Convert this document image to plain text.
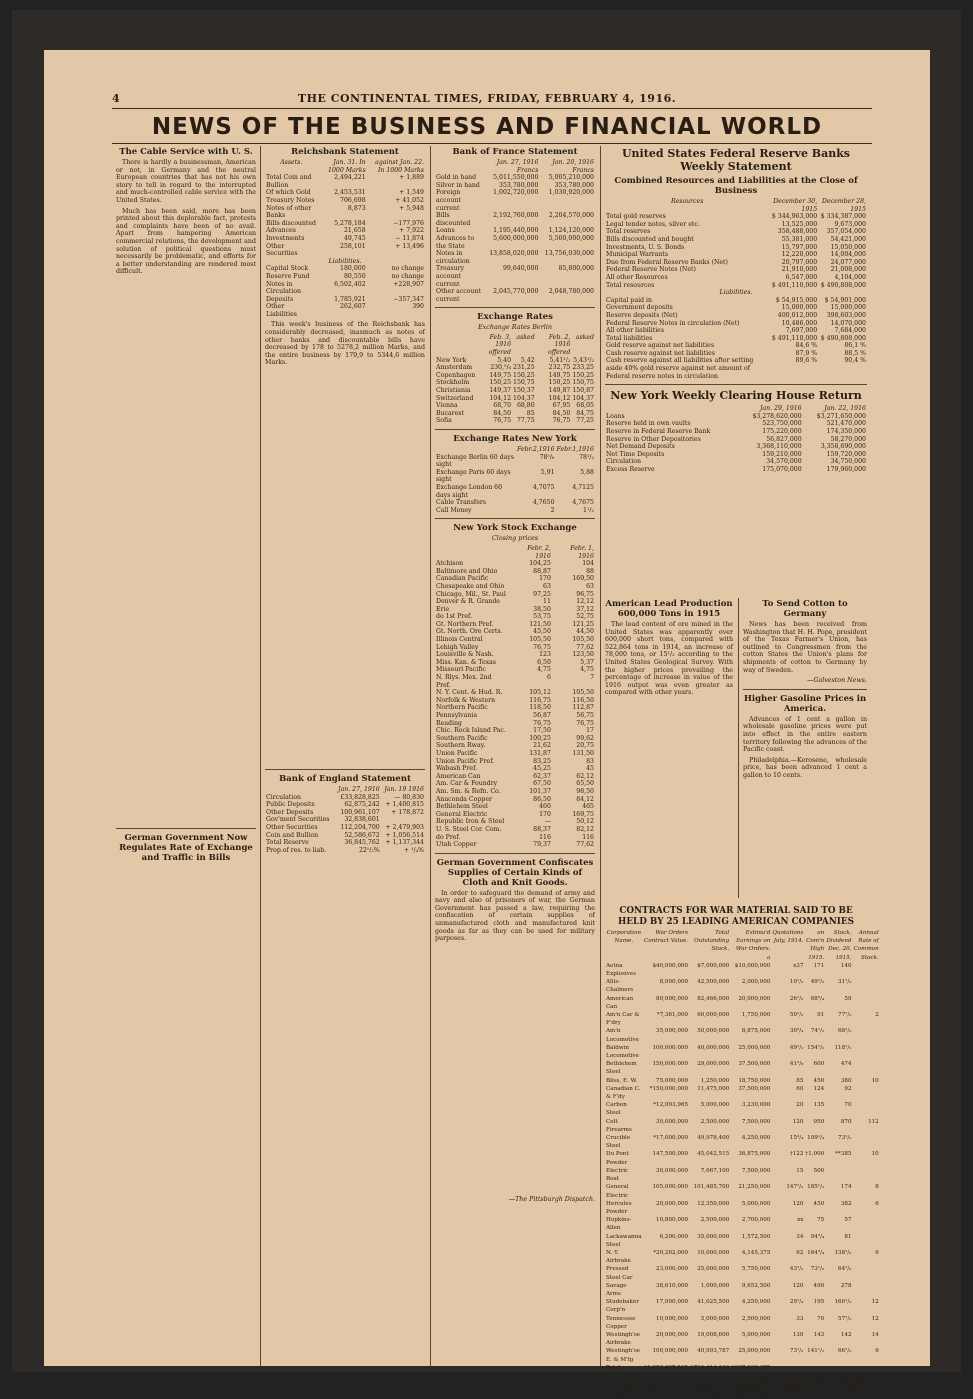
4	THE CONTINENTAL TIMES, FRIDAY, FEBRUARY 4, 1916.
NEWS OF THE BUSINESS AND FINANCIAL WORLD
The Cable Service with U. S.

There is hardly a businessman, American or not, in Germany and the neutral European countries that has not his own story to tell in regard to the interrupted and much-controlled cable service with the United States.

Much has been said, more has been printed about this deplorable fact, protests and complaints have been of no avail. Apart from hampering American commercial relations, the development and solution of political questions must necessarily be problematic, and efforts for a better understanding are rendered most difficult.

German Government Now Regulates Rate of Exchange and Traffic in Bills
Reichsbank Statement
Assets.	Jan. 31. In 1000 Marks	against Jan. 22. In 1000 Marks
Total Coin and Bullion	2,494,221	+ 1,889
Of which Gold	2,453,531	+ 1,549
Treasury Notes	706,698	+ 41,052
Notes of other Banks	8,873	+ 5,948
Bills discounted	5,278,184	−177,976
Advances	21,658	+ 7,922
Investments	49,745	− 11,874
Other Securities	258,101	+ 13,496
Liabilities.		
Capital Stock	180,000	no change
Reserve Fund	80,550	no change
Notes in Circulation	6,502,402	+228,907
Deposits	1,785,921	−357,347
Other Liabilities	262,607	390

This week's business of the Reichsbank has considerably decreased, inasmuch as notes of other banks and discountable bills have decreased by 178 to 5278,2 million Marks, and the entire business by 179,9 to 5344,6 million Marks.

Bank of England Statement
	Jan. 27, 1916	Jan. 19 1916
Circulation	£33,828,825	— 80,830
Public Deposits	62,875,242	+ 1,400,815
Other Deposits	100,961,107	+ 178,872
Gov'ment Securities	32,838,601	
Other Securities	112,204,700	+ 2,479,903
Coin and Bullion	52,586,672	+ 1,056,514
Total Reserve	36,845,762	+ 1,137,344
Prop.of res. to liab.	22¹/₂%	+ ¹/₄%
Bank of France Statement
	Jan. 27, 1916 Francs	Jan. 20, 1916 Francs
Gold in hand	5,011,550,000	5,005,210,000
Silver in hand	353,780,000	353,780,000
Foreign account current	1,002,720,000	1,030,920,000
Bills discounted	2,192,760,000	2,204,570,000
Loans	1,195,440,000	1,124,120,000
Advances to the State	5,600,000,000	5,500,000,000
Notes in circulation	13,858,020,000	13,756,030,000
Treasury account current	99,640,000	85,800,000
Other account current	2,045,770,000	2,048,780,000
Exchange Rates
Exchange Rates Berlin
	Feb. 3, 1916 offered	asked	Feb. 2, 1916 offered	asked
New York	5,40	5,42	5,41¹/₂	5,43¹/₂
Amsterdam	230,⁵/₈	231,25	232,75	233,25
Copenhagen	149,75	150,25	149,75	150,25
Stockholm	150,25	150,75	150,25	150,75
Christiania	149,37	150,37	149,87	150,87
Switzerland	104,12	104,37	104,12	104,37
Vienna	68,70	68,80	67,95	68,05
Bucarest	84,50	85	84,50	84,75
Sofia	76,75	77,75	76,75	77,25
Exchange Rates New York
	Febr.2,1916	Febr.1,1916
Exchange Berlin 60 days sight	78⁵/₈	78¹/₂
Exchange Paris 60 days sight	5,91	5,88
Exchange London 60 days sight	4,7075	4,7125
Cable Transfers	4,7650	4,7675
Call Money	2	1¹/₂
New York Stock Exchange
Closing prices
	Febr. 2, 1916	Febr. 1, 1916
Atchison	104,25	104
Baltimore and Ohio	88,87	88
Canadian Pacific	170	169,50
Chesapeake and Ohio	63	63
Chicago, Mil., St. Paul	97,25	96,75
Denver & R. Grande	11	12,12
Erie	38,50	37,12
do 1st Pref.	53,75	52,75
Gt. Northern Pref.	121,50	121,25
Gt. North. Ore Certs.	45,50	44,50
Illinois Central	105,50	105,50
Lehigh Valley	76,75	77,62
Louisville & Nash.	123	123,50
Miss. Kan. & Texas	6,50	5,37
Missouri Pacific	4,75	4,75
N. Rlys. Mex. 2nd Pref.	6	7
N. Y. Cent. & Hud. R.	105,12	105,50
Norfolk & Western	116,75	116,50
Northern Pacific	118,50	112,87
Pennsylvania	56,87	56,75
Reading	76,75	76,75
Chic. Rock Island Pac.	17,50	17
Southern Pacific	100,25	99,62
Southern Rway.	21,62	20,75
Union Pacific	131,87	131,50
Union Pacific Pref.	83,25	83
Wabash Pref.	45,25	45
American Can	62,37	62,12
Am. Car & Foundry	67,50	65,50
Am. Sm. & Refn. Co.	101,37	98,50
Anaconda Copper	86,50	84,12
Bethlehem Steel	460	465
General Electric	170	169,75
Republic Iron & Steel	—	50,12
U. S. Steel Cor. Com.	88,37	82,12
do Pref.	116	116
Utah Copper	79,37	77,62
German Government Confiscates Supplies of Certain Kinds of Cloth and Knit Goods.

In order to safeguard the demand of army and navy and also of prisoners of war, the German Government has passed a law, requiring the confiscation of certain supplies of unmanufactured cloth and manufactured knit goods as far as they can be used for military purposes.

—The Pittsburgh Dispatch.

United States Federal Reserve Banks Weekly Statement
Combined Resources and Liabilities at the Close of Business
Resources	December 30, 1915	December 28, 1915
Total gold reserves	$ 344,963,000	$ 334,387,000
Legal tender notes, silver etc.	13,525,000	9,673,000
Total reserves	358,488,000	357,054,000
Bills discounted and bought	55,381,000	54,421,000
Investments, U. S. Bonds	15,797,000	15,050,000
Municipal Warrants	12,220,000	14,004,000
Due from Federal Reserve Banks (Net)	20,797,000	24,077,000
Federal Reserve Notes (Net)	21,910,000	21,008,000
All other Resources	6,547,000	4,104,000
Total resources	$ 491,110,000	$ 490,808,000
Liabilities.		
Capital paid in	$ 54,915,000	$ 54,901,000
Government deposits	15,000,000	15,000,000
Reserve deposits (Net)	400,012,000	398,603,000
Federal Reserve Notes in circulation (Net)	10,486,000	14,070,000
All other liabilities	7,697,000	7,684,000
Total liabilities	$ 491,110,000	$ 490,808,000
Gold reserve against net liabilities	84,6 %	86,1 %
Cash reserve against net liabilities	87,9 %	88,5 %
Cash reserve against all liabilities after setting aside 40% gold reserve against net amount of Federal reserve notes in circulation	89,6 %	90,4 %
New York Weekly Clearing House Return
	Jan. 29, 1916	Jan. 22, 1916
Loans	$3,278,620,000	$3,271,650,000
Reserve held in own vaults	523,750,000	521,470,000
Reserve in Federal Reserve Bank	175,220,000	174,350,000
Reserve in Other Depositories	56,827,000	58,270,000
Net Demand Deposits	3,368,110,000	3,358,690,000
Net Time Deposits	159,210,000	159,720,000
Circulation	34,570,000	34,750,000
Excess Reserve	175,070,000	179,960,000
American Lead Production 600,000 Tons in 1915

The lead content of ore mined in the United States was apparently over 600,000 short tons, compared with 522,864 tons in 1914, an increase of 78,000 tons, or 15¹/₂ according to the United States Geological Survey. With the higher prices prevailing the percentage of increase in value of the 1916 output was even greater as compared with other years.

To Send Cotton to Germany

News has been received from Washington that H. H. Pope, president of the Texas Farmer's Union, has outlined to Congressmen from the cotton States the Union's plans for shipments of cotton to Germany by way of Sweden.

—Galveston News.

Higher Gasoline Prices in America.

Advances of 1 cent a gallon in wholesale gasoline prices were put into effect in the entire eastern territory following the advances of the Pacific coast.

Philadelphia.—Kerosene, wholesale price, has been advanced 1 cent a gallon to 10 cents.

CONTRACTS FOR WAR MATERIAL SAID TO BE HELD BY 25 LEADING AMERICAN COMPANIES
Corporation Name.	War Orders Contract Value.	Total Outstanding Stock.	Estima'd Earnings on War Orders. a	Quotations July, 1914.	on Com'n High 1915.	Stock, Dividend Dec. 20, 1915.	Annual Rate of Common Stock.
Aetna Explosives	$40,000,000	$7,000,000	$10,000,000	x37	171	140	
Allis-Chalmers	8,000,000	42,500,000	2,000,000	10¹/₂	49¹/₂	31¹/₂	
American Can	80,000,000	82,466,000	20,000,000	26¹/₂	68³/₄	59	
Am'n Car & F'dry	*7,361,000	60,000,000	1,750,000	50¹/₂	91	77¹/₂	2
Am'n Locomotive	35,000,000	50,000,000	8,875,000	30³/₄	74¹/₂	68¹/₂	
Baldwin Locomotive	100,000,000	40,000,000	25,000,000	49¹/₂	154¹/₂	118¹/₂	
Bethlehem Steel	150,000,000	29,000,000	37,500,000	41³/₈	600	474	
Bliss, E. W.	75,000,000	1,250,000	18,750,000	85	450	380	10
Canadian C. & F'dy	*150,000,000	11,475,000	37,500,000	60	124	92	
Carbon Steel	*12,993,965	5,000,000	3,230,000	20	135	70	
Colt Firearms	30,000,000	2,500,000	7,500,000	120	950	870	112
Crucible Steel	*17,000,000	49,978,400	4,250,000	15³/₄	109¹/₄	73¹/₂	
Du Pont Powder	147,500,000	45,042,515	36,875,000	†122	†1,000	**385	10
Electric Boat	30,000,000	7,667,100	7,500,000	15	500		
General Electric	105,000,000	101,485,700	21,250,000	147¹/₂	185¹/₂	174	8
Hercules Powder	20,000,000	12,350,000	5,000,000	120	450	382	6
Hopkins-Allen	10,800,000	2,500,000	2,700,000	xx	75	57	
Lackawanna Steel	6,290,000	35,000,000	1,572,500	34	94³/₄	81	
N. Y. Airbrake	*20,262,000	10,000,000	4,145,375	62	164³/₄	138¹/₂	6
Pressed Steel Car	23,000,000	25,000,000	5,750,000	43¹/₂	73¹/₂	64¹/₂	
Savage Arms	38,610,000	1,000,000	9,652,500	120	490	278	
Studebaker Corp'n	17,000,000	41,025,500	4,250,000	29¹/₄	195	160¹/₂	12
Tennessee Copper	10,000,000	5,000,000	2,500,000	33	70	57¹/₂	12
Westingh'se Airbrake	20,000,000	19,008,600	5,000,000	130	143	142	14
Westingh'se E. & M'fg	100,000,000	40,993,787	25,000,000	73¹/₂	141¹/₂	66¹/₂	6
Total	$1,253,407,565	$734,414,169	$297,030,375				

a At arbitrary rate of 25%, profit. † Not including extra dividend. * Officially confirmed. † Old stock. x Company incorporated in November, 1914. xx Company reorganized. ** New stock. ‡ Submarine Boat closed at 45¹/₄.
